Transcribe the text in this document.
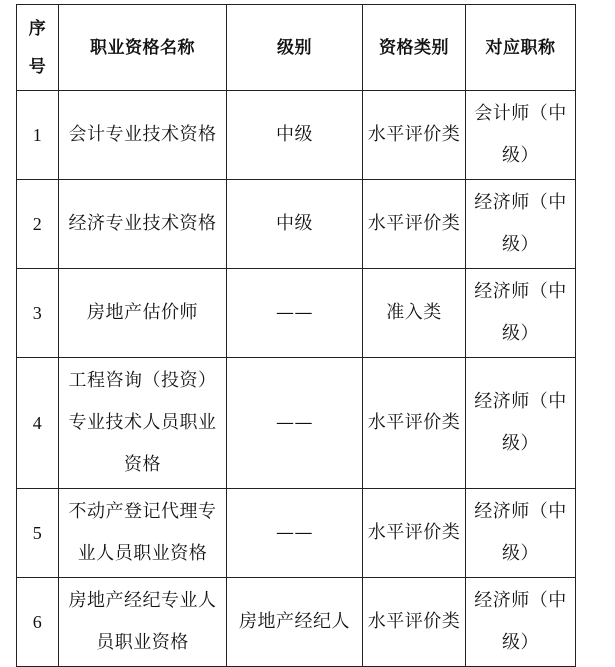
序号	职业资格名称	级别	资格类别	对应职称
1	会计专业技术资格	中级	水平评价类	会计师（中级）
2	经济专业技术资格	中级	水平评价类	经济师（中级）
3	房地产估价师	——	准入类	经济师（中级）
4	工程咨询（投资）专业技术人员职业资格	——	水平评价类	经济师（中级）
5	不动产登记代理专业人员职业资格	——	水平评价类	经济师（中级）
6	房地产经纪专业人员职业资格	房地产经纪人	水平评价类	经济师（中级）
